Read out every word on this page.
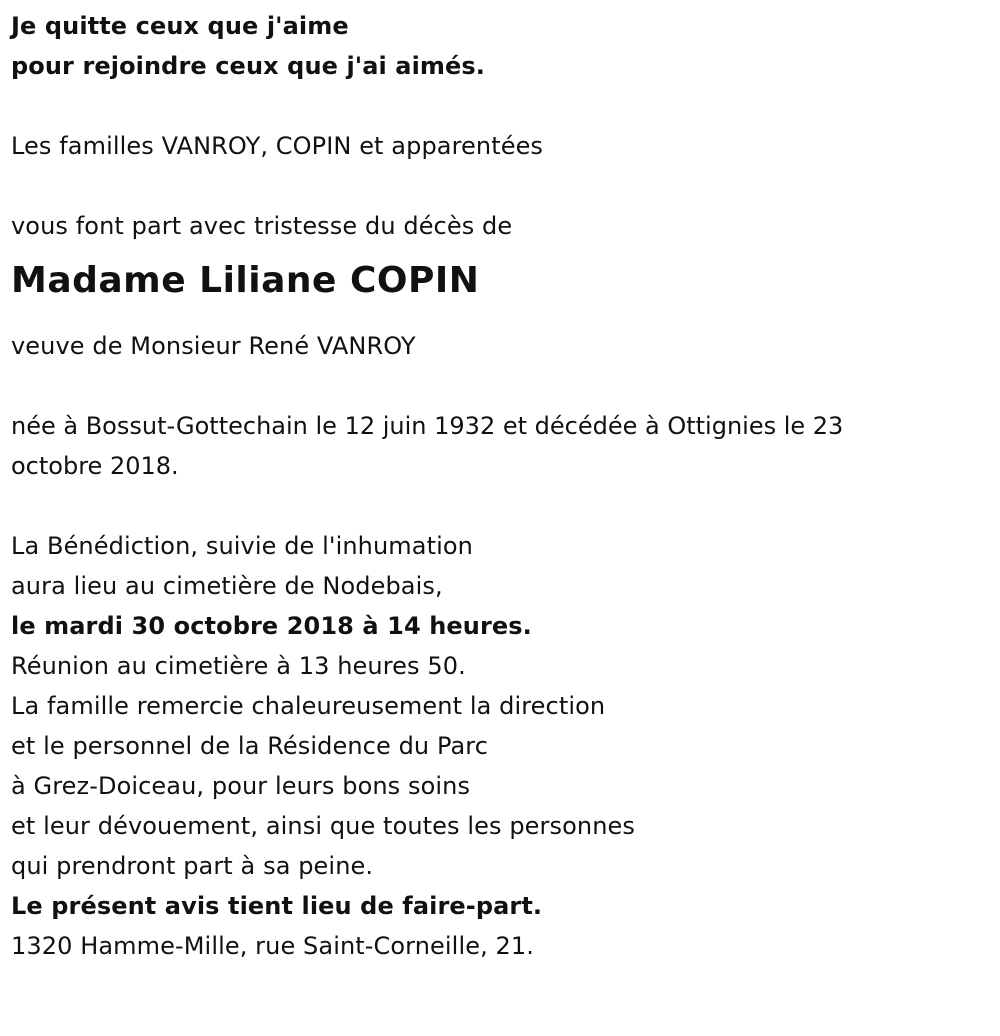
Je quitte ceux que j'aime
pour rejoindre ceux que j'ai aimés.
Les familles VANROY, COPIN et apparentées
vous font part avec tristesse du décès de
Madame Liliane COPIN
veuve de Monsieur René VANROY
née à Bossut-Gottechain le 12 juin 1932 et décédée à Ottignies le 23 octobre 2018.
La Bénédiction, suivie de l'inhumation
aura lieu au cimetière de Nodebais,
le mardi 30 octobre 2018 à 14 heures.
Réunion au cimetière à 13 heures 50.
La famille remercie chaleureusement la direction
et le personnel de la Résidence du Parc
à Grez-Doiceau, pour leurs bons soins
et leur dévouement, ainsi que toutes les personnes
qui prendront part à sa peine.
Le présent avis tient lieu de faire-part.
1320 Hamme-Mille, rue Saint-Corneille, 21.
